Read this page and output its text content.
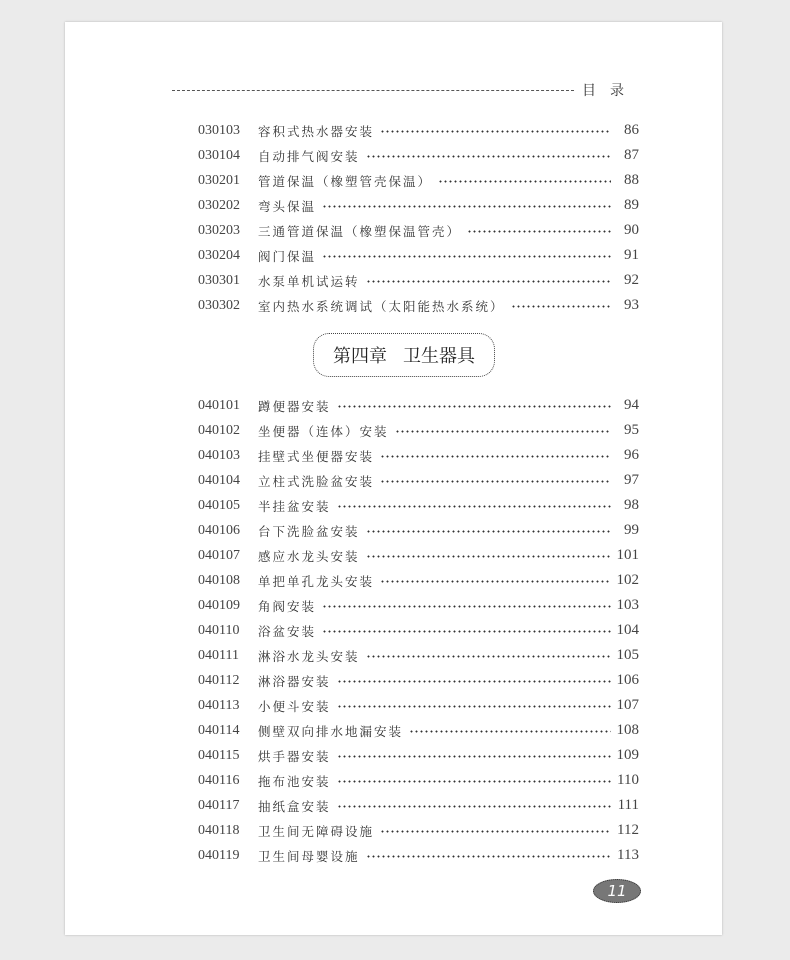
目录
030103	容积式热水器安装	86
030104	自动排气阀安装	87
030201	管道保温（橡塑管壳保温）	88
030202	弯头保温	89
030203	三通管道保温（橡塑保温管壳）	90
030204	阀门保温	91
030301	水泵单机试运转	92
030302	室内热水系统调试（太阳能热水系统）	93
第四章 卫生器具
040101	蹲便器安装	94
040102	坐便器（连体）安装	95
040103	挂壁式坐便器安装	96
040104	立柱式洗脸盆安装	97
040105	半挂盆安装	98
040106	台下洗脸盆安装	99
040107	感应水龙头安装	101
040108	单把单孔龙头安装	102
040109	角阀安装	103
040110	浴盆安装	104
040111	淋浴水龙头安装	105
040112	淋浴器安装	106
040113	小便斗安装	107
040114	侧壁双向排水地漏安装	108
040115	烘手器安装	109
040116	拖布池安装	110
040117	抽纸盒安装	111
040118	卫生间无障碍设施	112
040119	卫生间母婴设施	113
11
